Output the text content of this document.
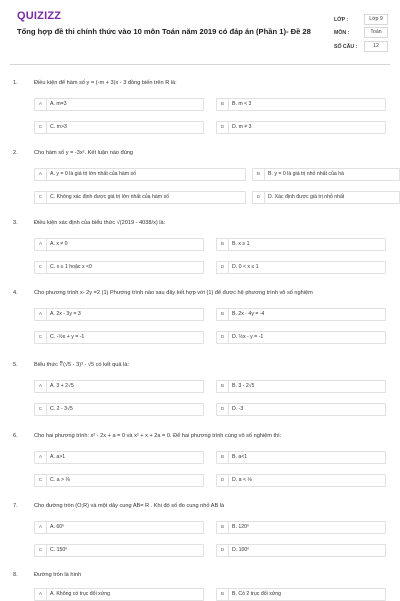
QUIZIZZ
Tổng hợp đề thi chính thức vào 10 môn Toán năm 2019 có đáp án (Phần 1)- Đề 28
LỚP :	Lớp 9
MÔN :	Toán
SỐ CÂU :	12
1.	Điều kiện để hàm số y = (-m + 3)x - 3 đồng biến trên R là:
A	A. m=3	B	B. m < 3
C	C. m>3	D	D. m ≠ 3
2.	Cho hàm số y = -3x². Kết luận nào đúng
A	A. y = 0 là giá trị lớn nhất của hàm số	B	B. y = 0 là giá trị nhỏ nhất của hà
C	C. Không xác định được giá trị lớn nhất của hàm số	D	D. Xác định được giá trị nhỏ nhất
3.	Điều kiện xác định của biểu thức √(2019 - 4038/x) là:
A	A. x ≠ 0	B	B. x ≥ 1
C	C. x ≥ 1 hoặc x <0	D	D. 0 < x ≤ 1
4.	Cho phương trình x- 2y =2 (1) Phương trình nào sau đây kết hợp với (1) để được hệ phương trình vô số nghiệm
A	A. 2x - 3y = 3	B	B. 2x - 4y = -4
C	C. -½x + y = -1	D	D. ½x - y = -1
5.	Biểu thức ∛(√5 - 3)³ - √5 có kết quả là:
A	A. 3 + 2√5	B	B. 3 - 2√5
C	C. 2 - 3√5	D	D. -3
6.	Cho hai phương trình: x² - 2x + a = 0 và x² + x + 2a = 0. Để hai phương trình cùng vô số nghiệm thì:
A	A. a>1	B	B. a<1
C	C. a > ⅛	D	D. a < ⅛
7.	Cho đường tròn (O;R) và một dây cung AB= R . Khi đó số đo cung nhỏ AB là
A	A. 60⁰	B	B. 120⁰
C	C. 150⁰	D	D. 100⁰
8.	Đường tròn là hình
A	A. Không có trục đối xứng	B	B. Có 2 trục đối xứng
